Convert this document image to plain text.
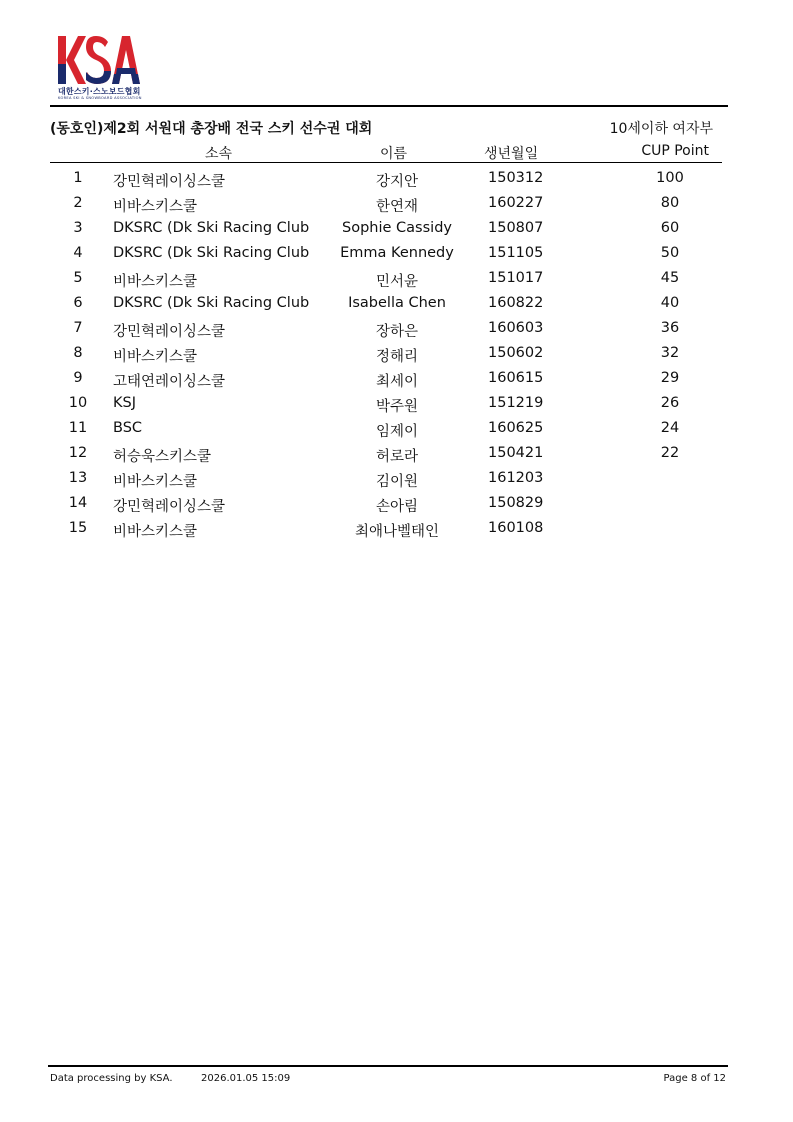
대한스키·스노보드협회
KOREA SKI & SNOWBOARD ASSOCIATION
(동호인)제2회 서원대 총장배 전국 스키 선수권 대회	10세이하 여자부
소속	이름	생년월일	CUP Point
1	강민혁레이싱스쿨	강지안	150312	100
2	비바스키스쿨	한연재	160227	80
3	DKSRC (Dk Ski Racing Club	Sophie Cassidy	150807	60
4	DKSRC (Dk Ski Racing Club	Emma Kennedy	151105	50
5	비바스키스쿨	민서윤	151017	45
6	DKSRC (Dk Ski Racing Club	Isabella Chen	160822	40
7	강민혁레이싱스쿨	장하은	160603	36
8	비바스키스쿨	정해리	150602	32
9	고태연레이싱스쿨	최세이	160615	29
10	KSJ	박주원	151219	26
11	BSC	임제이	160625	24
12	허승욱스키스쿨	허로라	150421	22
13	비바스키스쿨	김이원	161203
14	강민혁레이싱스쿨	손아림	150829
15	비바스키스쿨	최애나벨태인	160108
Data processing by KSA.	2026.01.05 15:09	Page 8 of 12
